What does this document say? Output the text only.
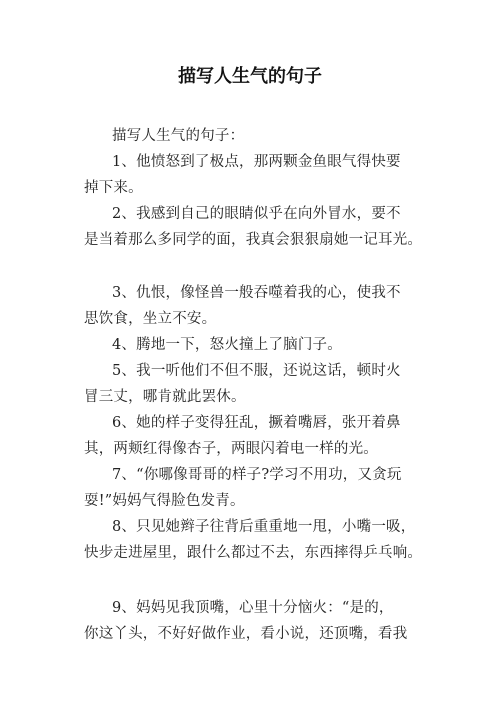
描写人生气的句子
描写人生气的句子：
1、他愤怒到了极点，那两颗金鱼眼气得快要
掉下来。
2、我感到自己的眼睛似乎在向外冒水，要不
是当着那么多同学的面，我真会狠狠扇她一记耳光。
3、仇恨，像怪兽一般吞噬着我的心，使我不
思饮食，坐立不安。
4、腾地一下，怒火撞上了脑门子。
5、我一听他们不但不服，还说这话，顿时火
冒三丈，哪肯就此罢休。
6、她的样子变得狂乱，撅着嘴唇，张开着鼻
其，两颊红得像杏子，两眼闪着电一样的光。
7、“你哪像哥哥的样子?学习不用功，又贪玩
耍!”妈妈气得脸色发青。
8、只见她辫子往背后重重地一甩，小嘴一吸，
快步走进屋里，跟什么都过不去，东西摔得乒乓响。
9、妈妈见我顶嘴，心里十分恼火：“是的，
你这丫头，不好好做作业，看小说，还顶嘴，看我
